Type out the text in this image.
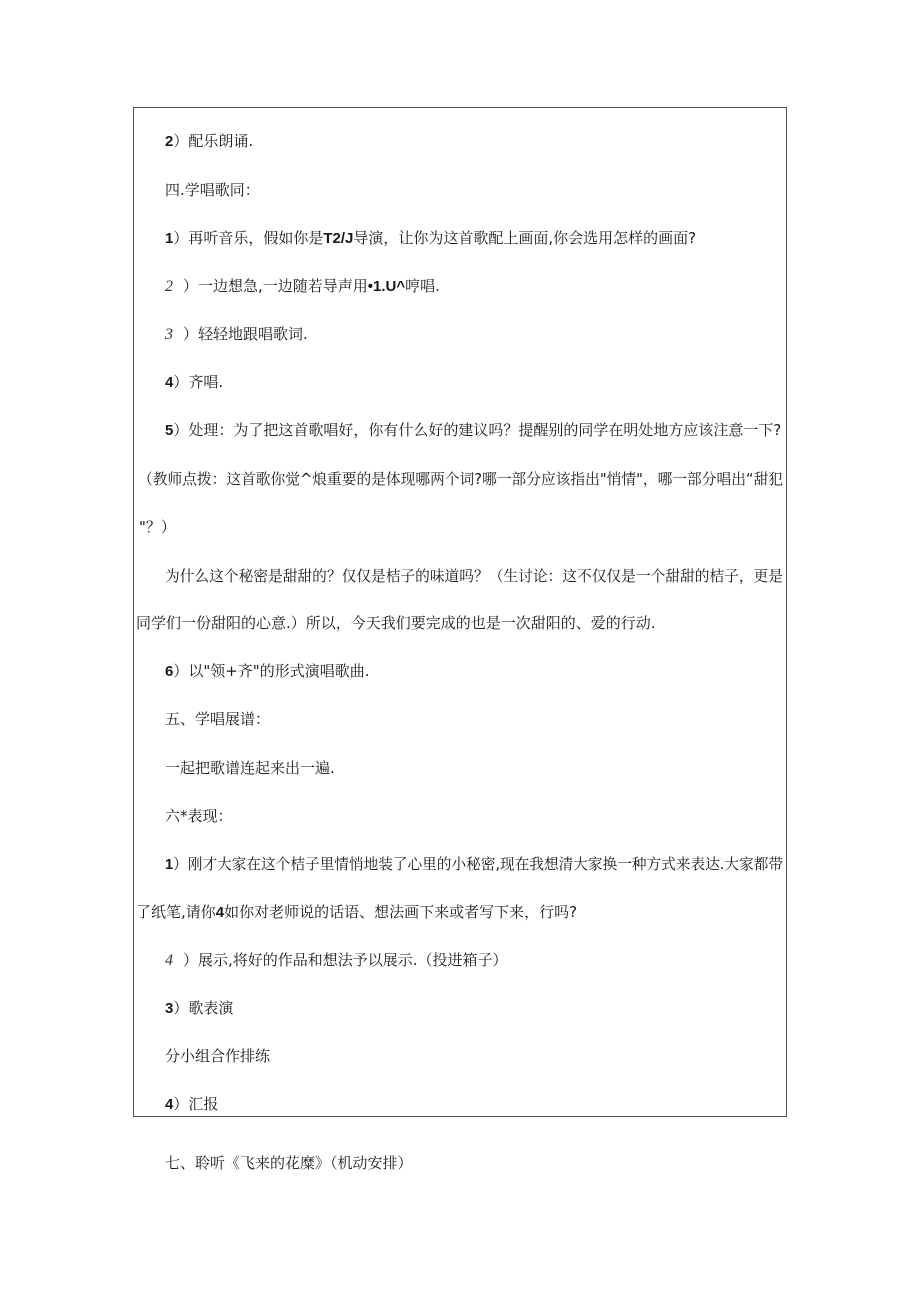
2）配乐朗诵.
四.学唱歌同：
1）再听音乐，假如你是T2/J导演，让你为这首歌配上画面,你会选用怎样的画面?
2 ）一边想急,一边随若导声用•1.U^哼唱.
3 ）轻轻地跟唱歌词.
4）齐唱.
5）处理：为了把这首歌唱好，你有什么好的建议吗？提醒别的同学在明处地方应该注意一下?
（教师点拨：这首歌你觉^烺重要的是体现哪两个词?哪一部分应该指出"悄情"，哪一部分唱出“甜犯
"？）
为什么这个秘密是甜甜的？仅仅是桔子的味道吗？（生讨论：这不仅仅是一个甜甜的桔子，更是
同学们一份甜阳的心意.）所以，今天我们要完成的也是一次甜阳的、爱的行动.
6）以"领+齐"的形式演唱歌曲.
五、学唱展谱：
一起把歌谱连起来出一遍.
六*表现：
1）刚才大家在这个桔子里情悄地装了心里的小秘密,现在我想清大家换一种方式来表达.大家都带
了纸笔,请你4如你对老师说的话语、想法画下来或者写下来，行吗?
4 ）展示,将好的作品和想法予以展示.（投进箱子）
3）歌表演
分小组合作排练
4）汇报
七、聆听《飞来的花糜》（机动安排）
